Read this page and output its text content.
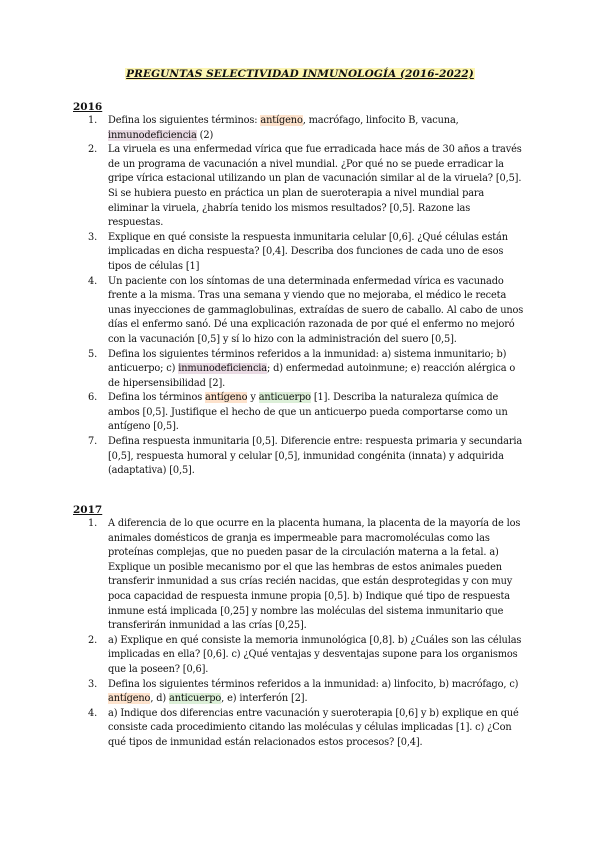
PREGUNTAS SELECTIVIDAD INMUNOLOGÍA (2016-2022)
2016
1. Defina los siguientes términos: antígeno, macrófago, linfocito B, vacuna, inmunodeficiencia (2)
2. La viruela es una enfermedad vírica que fue erradicada hace más de 30 años a través de un programa de vacunación a nivel mundial. ¿Por qué no se puede erradicar la gripe vírica estacional utilizando un plan de vacunación similar al de la viruela? [0,5]. Si se hubiera puesto en práctica un plan de sueroterapia a nivel mundial para eliminar la viruela, ¿habría tenido los mismos resultados? [0,5]. Razone las respuestas.
3. Explique en qué consiste la respuesta inmunitaria celular [0,6]. ¿Qué células están implicadas en dicha respuesta? [0,4]. Describa dos funciones de cada uno de esos tipos de células [1]
4. Un paciente con los síntomas de una determinada enfermedad vírica es vacunado frente a la misma. Tras una semana y viendo que no mejoraba, el médico le receta unas inyecciones de gammaglobulinas, extraídas de suero de caballo. Al cabo de unos días el enfermo sanó. Dé una explicación razonada de por qué el enfermo no mejoró con la vacunación [0,5] y sí lo hizo con la administración del suero [0,5].
5. Defina los siguientes términos referidos a la inmunidad: a) sistema inmunitario; b) anticuerpo; c) inmunodeficiencia; d) enfermedad autoinmune; e) reacción alérgica o de hipersensibilidad [2].
6. Defina los términos antígeno y anticuerpo [1]. Describa la naturaleza química de ambos [0,5]. Justifique el hecho de que un anticuerpo pueda comportarse como un antígeno [0,5].
7. Defina respuesta inmunitaria [0,5]. Diferencie entre: respuesta primaria y secundaria [0,5], respuesta humoral y celular [0,5], inmunidad congénita (innata) y adquirida (adaptativa) [0,5].
2017
1. A diferencia de lo que ocurre en la placenta humana, la placenta de la mayoría de los animales domésticos de granja es impermeable para macromoléculas como las proteínas complejas, que no pueden pasar de la circulación materna a la fetal. a) Explique un posible mecanismo por el que las hembras de estos animales pueden transferir inmunidad a sus crías recién nacidas, que están desprotegidas y con muy poca capacidad de respuesta inmune propia [0,5]. b) Indique qué tipo de respuesta inmune está implicada [0,25] y nombre las moléculas del sistema inmunitario que transferirán inmunidad a las crías [0,25].
2. a) Explique en qué consiste la memoria inmunológica [0,8]. b) ¿Cuáles son las células implicadas en ella? [0,6]. c) ¿Qué ventajas y desventajas supone para los organismos que la poseen? [0,6].
3. Defina los siguientes términos referidos a la inmunidad: a) linfocito, b) macrófago, c) antígeno, d) anticuerpo, e) interferón [2].
4. a) Indique dos diferencias entre vacunación y sueroterapia [0,6] y b) explique en qué consiste cada procedimiento citando las moléculas y células implicadas [1]. c) ¿Con qué tipos de inmunidad están relacionados estos procesos? [0,4].
